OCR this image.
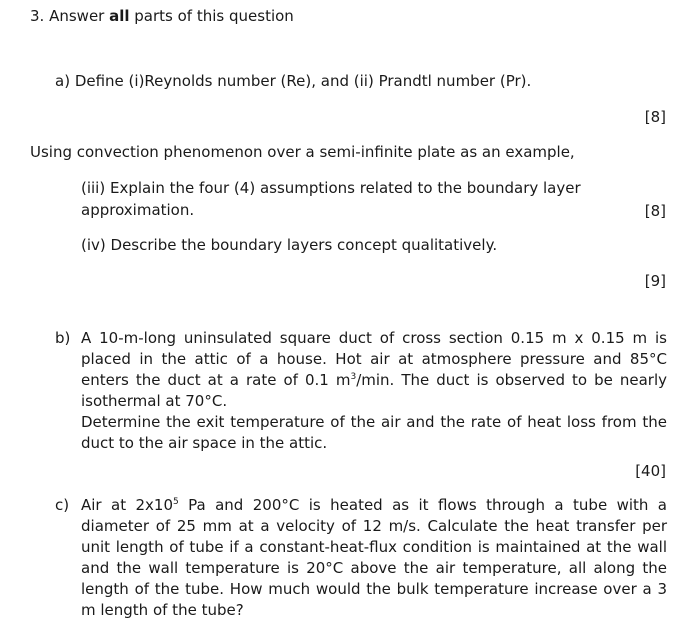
3. Answer all parts of this question
a) Define (i)Reynolds number (Re), and (ii) Prandtl number (Pr).
[8]
Using convection phenomenon over a semi-infinite plate as an example,
(iii) Explain the four (4) assumptions related to the boundary layer
approximation.	[8]
(iv) Describe the boundary layers concept qualitatively.
[9]
b) A 10-m-long uninsulated square duct of cross section 0.15 m x 0.15 m is placed in the attic of a house. Hot air at atmosphere pressure and 85°C enters the duct at a rate of 0.1 $m^3/\min$. The duct is observed to be nearly isothermal at 70°C.
Determine the exit temperature of the air and the rate of heat loss from the duct to the air space in the attic.
[40]
c) Air at $2x10^5$ Pa and 200°C is heated as it flows through a tube with a diameter of 25 mm at a velocity of 12 m/s. Calculate the heat transfer per unit length of tube if a constant-heat-flux condition is maintained at the wall and the wall temperature is 20°C above the air temperature, all along the length of the tube. How much would the bulk temperature increase over a 3 m length of the tube?
